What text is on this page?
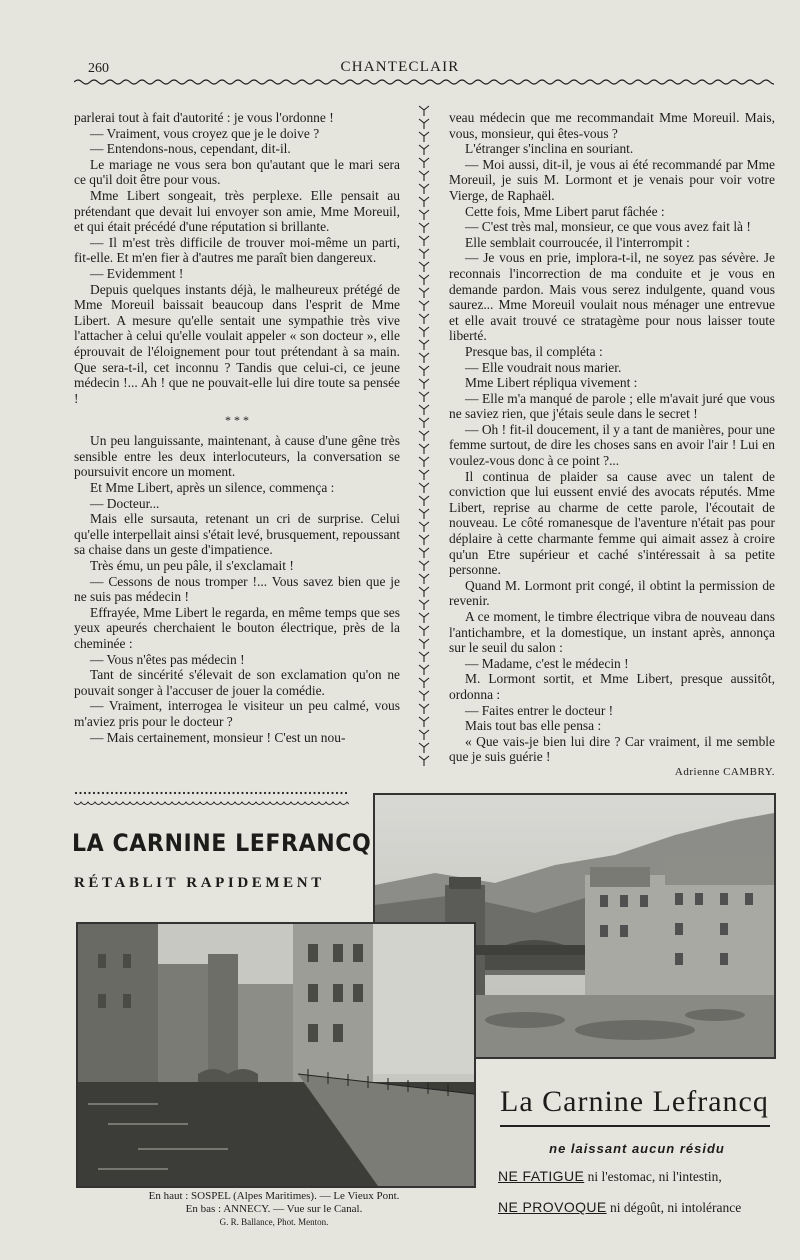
260	CHANTECLAIR

parlerai tout à fait d'autorité : je vous l'ordonne !

— Vraiment, vous croyez que je le doive ?

— Entendons-nous, cependant, dit-il.

Le mariage ne vous sera bon qu'autant que le mari sera ce qu'il doit être pour vous.

Mme Libert songeait, très perplexe. Elle pensait au prétendant que devait lui envoyer son amie, Mme Moreuil, et qui était précédé d'une réputation si brillante.

— Il m'est très difficile de trouver moi-même un parti, fit-elle. Et m'en fier à d'autres me paraît bien dangereux.

— Evidemment !

Depuis quelques instants déjà, le malheureux prétégé de Mme Moreuil baissait beaucoup dans l'esprit de Mme Libert. A mesure qu'elle sentait une sympathie très vive l'attacher à celui qu'elle voulait appeler « son docteur », elle éprouvait de l'éloignement pour tout prétendant à sa main. Que sera-t-il, cet inconnu ? Tandis que celui-ci, ce jeune médecin !... Ah ! que ne pouvait-elle lui dire toute sa pensée !

* * *

Un peu languissante, maintenant, à cause d'une gêne très sensible entre les deux interlocuteurs, la conversation se poursuivit encore un moment.

Et Mme Libert, après un silence, commença :

— Docteur...

Mais elle sursauta, retenant un cri de surprise. Celui qu'elle interpellait ainsi s'était levé, brusquement, repoussant sa chaise dans un geste d'impatience.

Très ému, un peu pâle, il s'exclamait !

— Cessons de nous tromper !... Vous savez bien que je ne suis pas médecin !

Effrayée, Mme Libert le regarda, en même temps que ses yeux apeurés cherchaient le bouton électrique, près de la cheminée :

— Vous n'êtes pas médecin !

Tant de sincérité s'élevait de son exclamation qu'on ne pouvait songer à l'accuser de jouer la comédie.

— Vraiment, interrogea le visiteur un peu calmé, vous m'aviez pris pour le docteur ?

— Mais certainement, monsieur ! C'est un nou-

veau médecin que me recommandait Mme Moreuil. Mais, vous, monsieur, qui êtes-vous ?

L'étranger s'inclina en souriant.

— Moi aussi, dit-il, je vous ai été recommandé par Mme Moreuil, je suis M. Lormont et je venais pour voir votre Vierge, de Raphaël.

Cette fois, Mme Libert parut fâchée :

— C'est très mal, monsieur, ce que vous avez fait là !

Elle semblait courroucée, il l'interrompit :

— Je vous en prie, implora-t-il, ne soyez pas sévère. Je reconnais l'incorrection de ma conduite et je vous en demande pardon. Mais vous serez indulgente, quand vous saurez... Mme Moreuil voulait nous ménager une entrevue et elle avait trouvé ce stratagème pour nous laisser toute liberté.

Presque bas, il compléta :

— Elle voudrait nous marier.

Mme Libert répliqua vivement :

— Elle m'a manqué de parole ; elle m'avait juré que vous ne saviez rien, que j'étais seule dans le secret !

— Oh ! fit-il doucement, il y a tant de manières, pour une femme surtout, de dire les choses sans en avoir l'air ! Lui en voulez-vous donc à ce point ?...

Il continua de plaider sa cause avec un talent de conviction que lui eussent envié des avocats réputés. Mme Libert, reprise au charme de cette parole, l'écoutait de nouveau. Le côté romanesque de l'aventure n'était pas pour déplaire à cette charmante femme qui aimait assez à croire qu'un Etre supérieur et caché s'intéressait à sa petite personne.

Quand M. Lormont prit congé, il obtint la permission de revenir.

A ce moment, le timbre électrique vibra de nouveau dans l'antichambre, et la domestique, un instant après, annonça sur le seuil du salon :

— Madame, c'est le médecin !

M. Lormont sortit, et Mme Libert, presque aussitôt, ordonna :

— Faites entrer le docteur !

Mais tout bas elle pensa :

« Que vais-je bien lui dire ? Car vraiment, il me semble que je suis guérie !

Adrienne CAMBRY.
LA CARNINE LEFRANCQ
RÉTABLIT RAPIDEMENT
En haut : SOSPEL (Alpes Maritimes). — Le Vieux Pont.
En bas : ANNECY. — Vue sur le Canal.
G. R. Ballance, Phot. Menton.
La Carnine Lefrancq
ne laissant aucun résidu
NE FATIGUE ni l'estomac, ni l'intestin,
NE PROVOQUE ni dégoût, ni intolérance
